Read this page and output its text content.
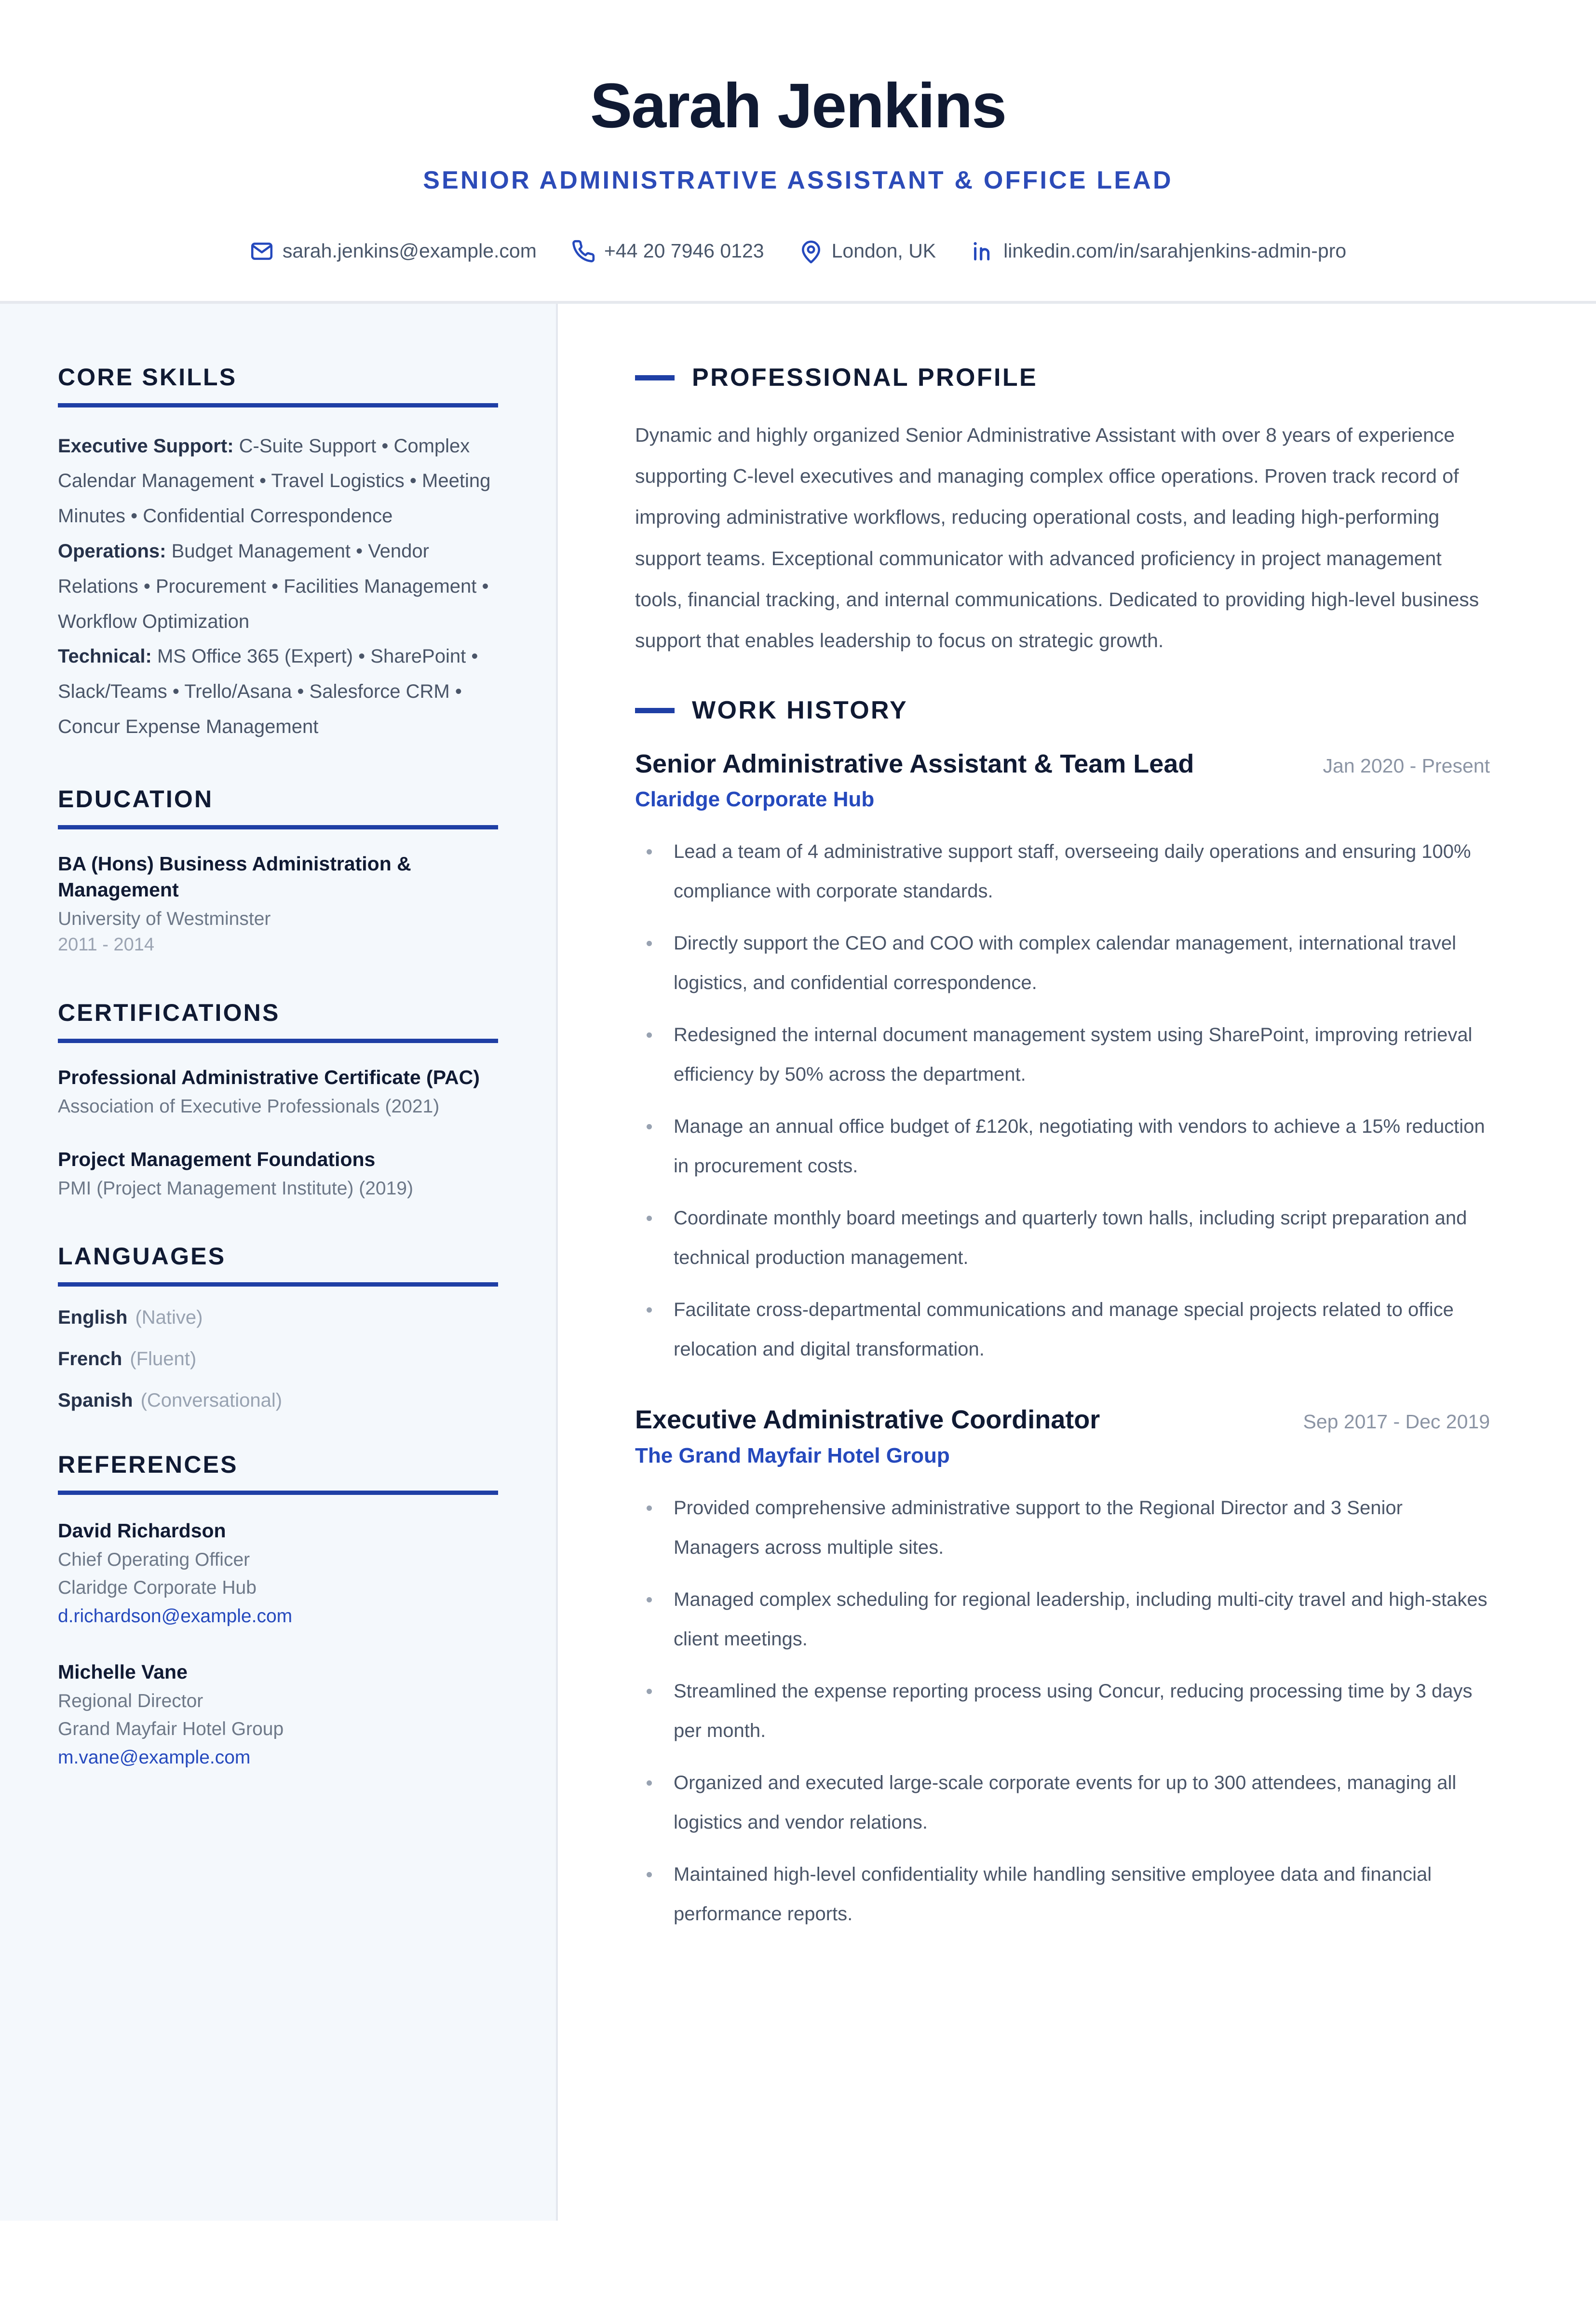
Sarah Jenkins
SENIOR ADMINISTRATIVE ASSISTANT & OFFICE LEAD
sarah.jenkins@example.com	+44 20 7946 0123	London, UK	linkedin.com/in/sarahjenkins-admin-pro
CORE SKILLS

Executive Support: C-Suite Support • Complex Calendar Management • Travel Logistics • Meeting Minutes • Confidential Correspondence
Operations: Budget Management • Vendor Relations • Procurement • Facilities Management • Workflow Optimization
Technical: MS Office 365 (Expert) • SharePoint • Slack/Teams • Trello/Asana • Salesforce CRM • Concur Expense Management

EDUCATION
BA (Hons) Business Administration & Management
University of Westminster
2011 - 2014
CERTIFICATIONS
Professional Administrative Certificate (PAC)
Association of Executive Professionals (2021)
Project Management Foundations
PMI (Project Management Institute) (2019)
LANGUAGES
English (Native)
French (Fluent)
Spanish (Conversational)
REFERENCES
David Richardson
Chief Operating Officer
Claridge Corporate Hub
d.richardson@example.com
Michelle Vane
Regional Director
Grand Mayfair Hotel Group
m.vane@example.com
PROFESSIONAL PROFILE

Dynamic and highly organized Senior Administrative Assistant with over 8 years of experience supporting C-level executives and managing complex office operations. Proven track record of improving administrative workflows, reducing operational costs, and leading high-performing support teams. Exceptional communicator with advanced proficiency in project management tools, financial tracking, and internal communications. Dedicated to providing high-level business support that enables leadership to focus on strategic growth.

WORK HISTORY
Senior Administrative Assistant & Team Lead	Jan 2020 - Present
Claridge Corporate Hub
Lead a team of 4 administrative support staff, overseeing daily operations and ensuring 100% compliance with corporate standards.
Directly support the CEO and COO with complex calendar management, international travel logistics, and confidential correspondence.
Redesigned the internal document management system using SharePoint, improving retrieval efficiency by 50% across the department.
Manage an annual office budget of £120k, negotiating with vendors to achieve a 15% reduction in procurement costs.
Coordinate monthly board meetings and quarterly town halls, including script preparation and technical production management.
Facilitate cross-departmental communications and manage special projects related to office relocation and digital transformation.
Executive Administrative Coordinator	Sep 2017 - Dec 2019
The Grand Mayfair Hotel Group
Provided comprehensive administrative support to the Regional Director and 3 Senior Managers across multiple sites.
Managed complex scheduling for regional leadership, including multi-city travel and high-stakes client meetings.
Streamlined the expense reporting process using Concur, reducing processing time by 3 days per month.
Organized and executed large-scale corporate events for up to 300 attendees, managing all logistics and vendor relations.
Maintained high-level confidentiality while handling sensitive employee data and financial performance reports.
